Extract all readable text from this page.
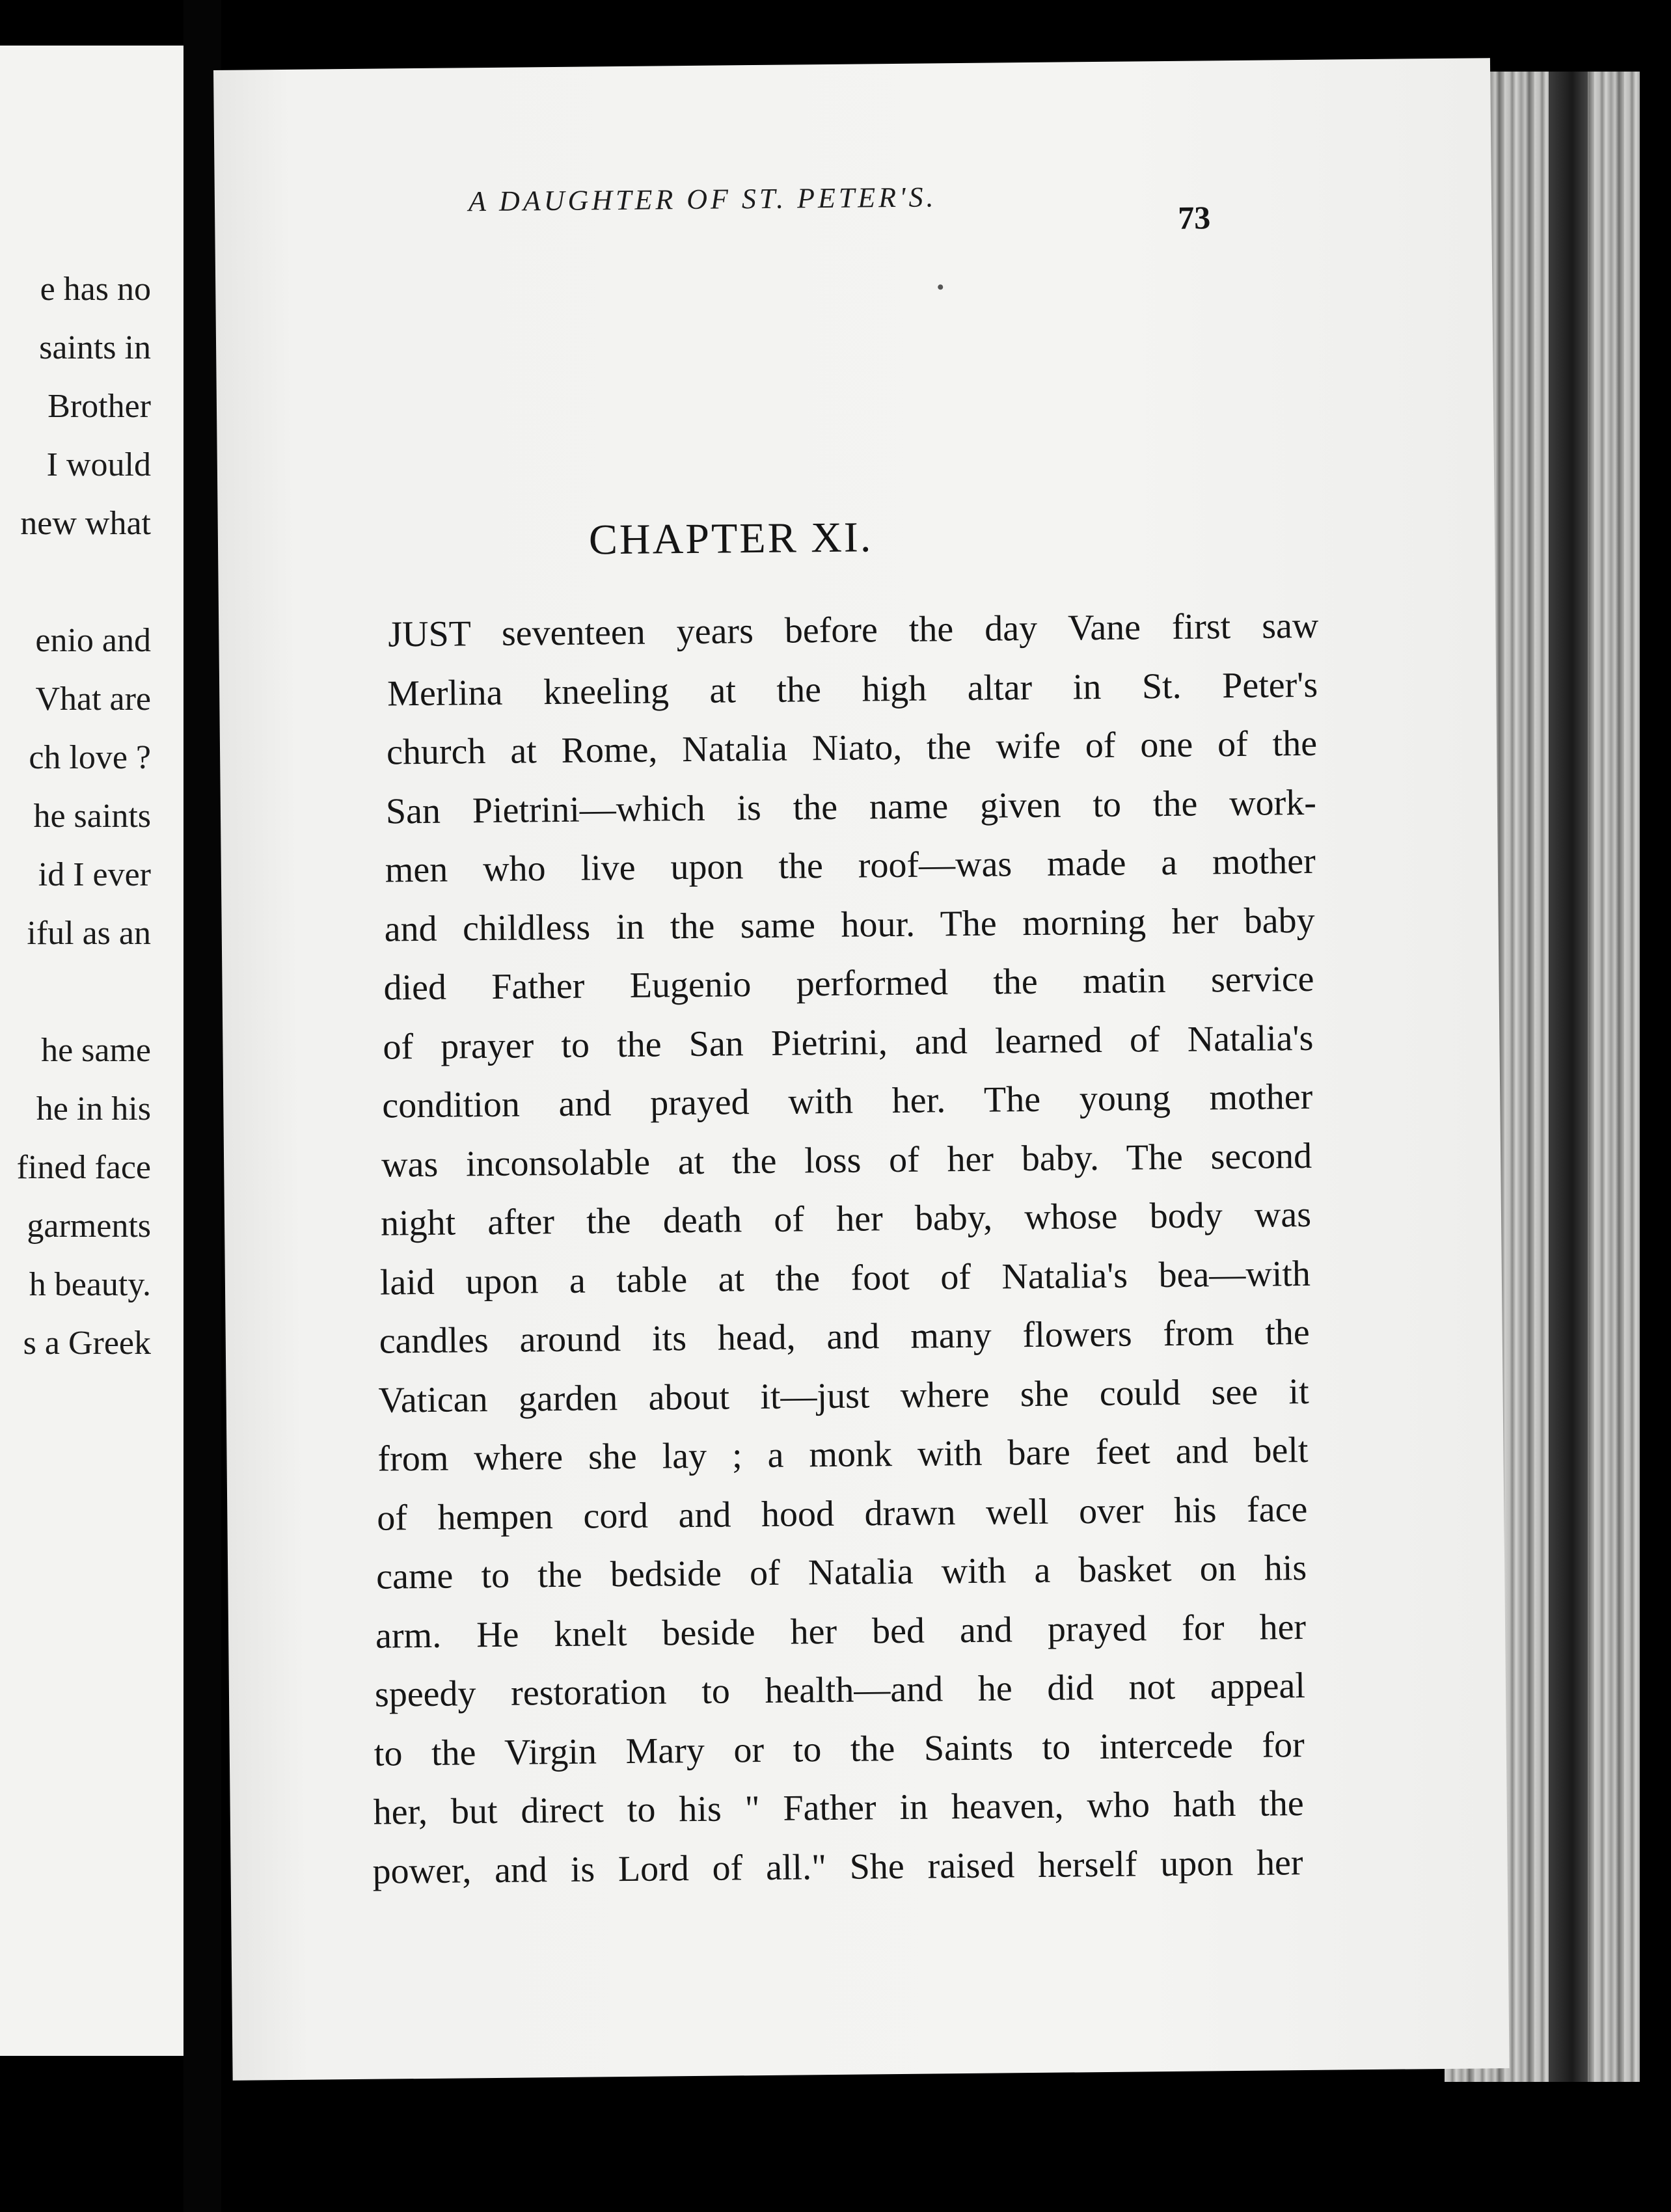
e has no
saints in
Brother
I would
new what
enio and
Vhat are
ch love ?
he saints
id I ever
iful as an
he same
he in his
fined face
garments
h beauty.
s a Greek
A DAUGHTER OF ST. PETER'S.
73
CHAPTER XI.
JUST seventeen years before the day Vane first saw
Merlina kneeling at the high altar in St. Peter's
church at Rome, Natalia Niato, the wife of one of the
San Pietrini—which is the name given to the work-
men who live upon the roof—was made a mother
and childless in the same hour. The morning her baby
died Father Eugenio performed the matin service
of prayer to the San Pietrini, and learned of Natalia's
condition and prayed with her. The young mother
was inconsolable at the loss of her baby. The second
night after the death of her baby, whose body was
laid upon a table at the foot of Natalia's bea—with
candles around its head, and many flowers from the
Vatican garden about it—just where she could see it
from where she lay ; a monk with bare feet and belt
of hempen cord and hood drawn well over his face
came to the bedside of Natalia with a basket on his
arm. He knelt beside her bed and prayed for her
speedy restoration to health—and he did not appeal
to the Virgin Mary or to the Saints to intercede for
her, but direct to his " Father in heaven, who hath the
power, and is Lord of all." She raised herself upon her
